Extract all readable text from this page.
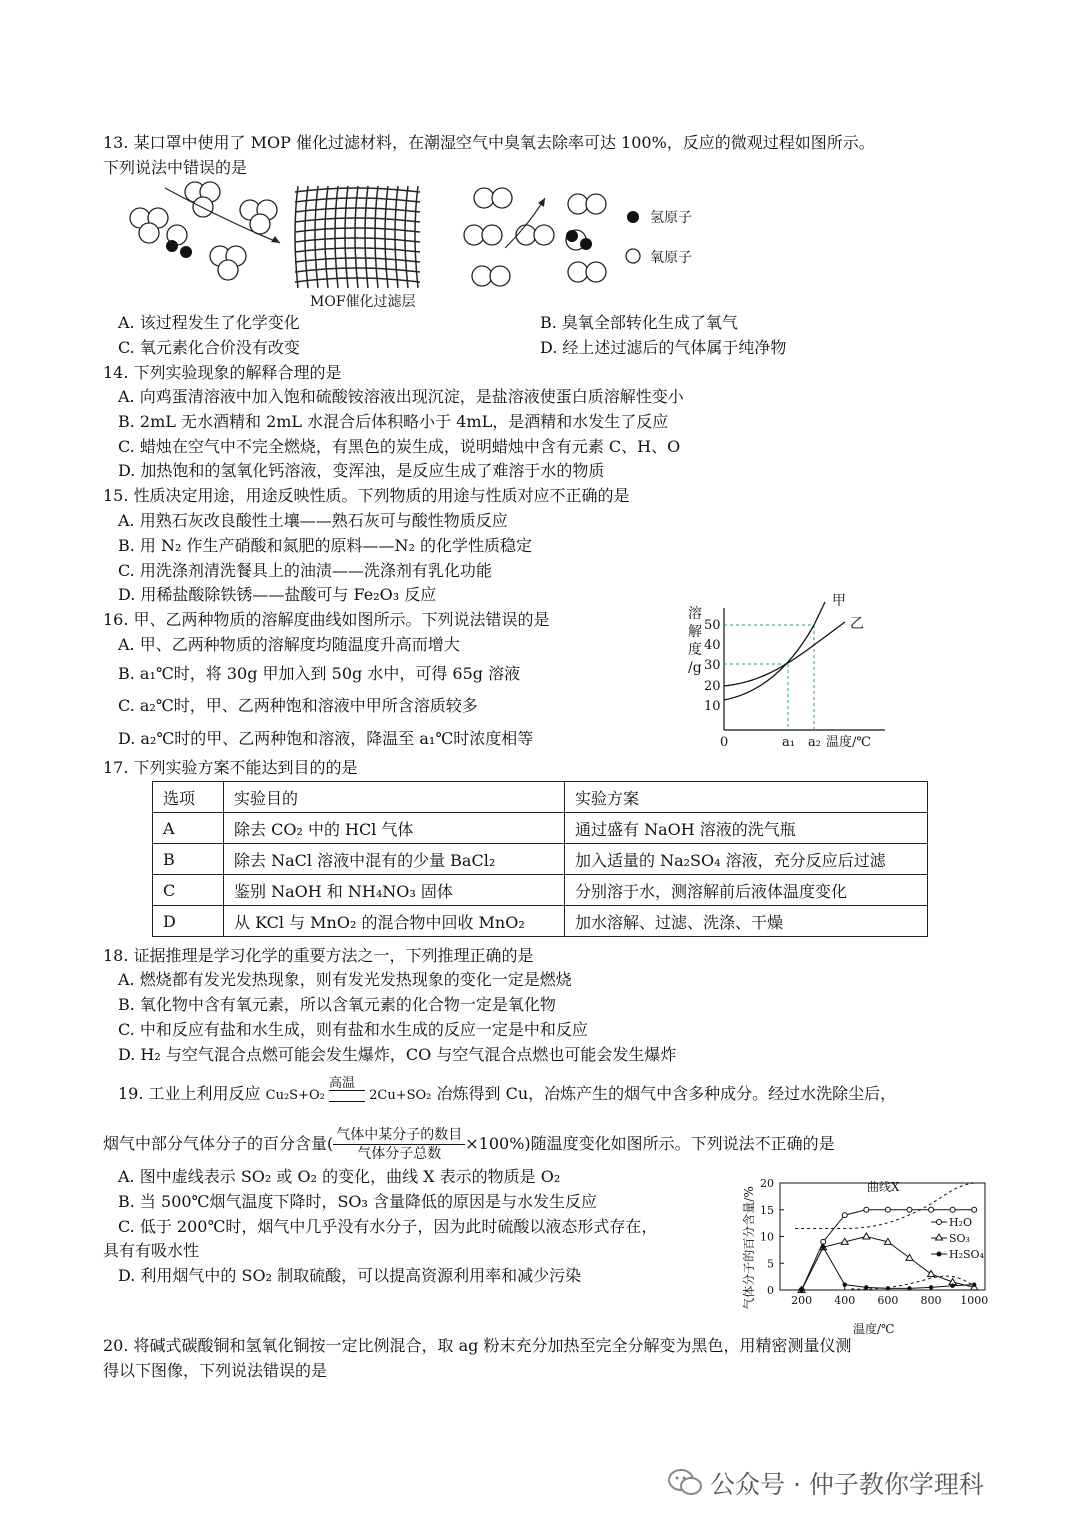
13. 某口罩中使用了 MOP 催化过滤材料，在潮湿空气中臭氧去除率可达 100%，反应的微观过程如图所示。
下列说法中错误的是
氢原子
氧原子
MOF催化过滤层
A. 该过程发生了化学变化	B. 臭氧全部转化生成了氧气
C. 氧元素化合价没有改变	D. 经上述过滤后的气体属于纯净物
14. 下列实验现象的解释合理的是
A. 向鸡蛋清溶液中加入饱和硫酸铵溶液出现沉淀，是盐溶液使蛋白质溶解性变小
B. 2mL 无水酒精和 2mL 水混合后体积略小于 4mL，是酒精和水发生了反应
C. 蜡烛在空气中不完全燃烧，有黑色的炭生成，说明蜡烛中含有元素 C、H、O
D. 加热饱和的氢氧化钙溶液，变浑浊，是反应生成了难溶于水的物质
15. 性质决定用途，用途反映性质。下列物质的用途与性质对应不正确的是
A. 用熟石灰改良酸性土壤——熟石灰可与酸性物质反应
B. 用 N₂ 作生产硝酸和氮肥的原料——N₂ 的化学性质稳定
C. 用洗涤剂清洗餐具上的油渍——洗涤剂有乳化功能
D. 用稀盐酸除铁锈——盐酸可与 Fe₂O₃ 反应
16. 甲、乙两种物质的溶解度曲线如图所示。下列说法错误的是
A. 甲、乙两种物质的溶解度均随温度升高而增大
B. a₁℃时，将 30g 甲加入到 50g 水中，可得 65g 溶液
C. a₂℃时，甲、乙两种饱和溶液中甲所含溶质较多
D. a₂℃时的甲、乙两种饱和溶液，降温至 a₁℃时浓度相等
溶
解
度
/g
10
20
30
40
50
0	a₁ a₂ 温度/℃
甲
乙
17. 下列实验方案不能达到目的的是
选项	实验目的	实验方案
A	除去 CO₂ 中的 HCl 气体	通过盛有 NaOH 溶液的洗气瓶
B	除去 NaCl 溶液中混有的少量 BaCl₂	加入适量的 Na₂SO₄ 溶液，充分反应后过滤
C	鉴别 NaOH 和 NH₄NO₃ 固体	分别溶于水，测溶解前后液体温度变化
D	从 KCl 与 MnO₂ 的混合物中回收 MnO₂	加水溶解、过滤、洗涤、干燥
18. 证据推理是学习化学的重要方法之一，下列推理正确的是
A. 燃烧都有发光发热现象，则有发光发热现象的变化一定是燃烧
B. 氧化物中含有氧元素，所以含氧元素的化合物一定是氧化物
C. 中和反应有盐和水生成，则有盐和水生成的反应一定是中和反应
D. H₂ 与空气混合点燃可能会发生爆炸，CO 与空气混合点燃也可能会发生爆炸
19. 工业上利用反应 Cu₂S+O₂
高温
2Cu+SO₂ 冶炼得到 Cu，冶炼产生的烟气中含多种成分。经过水洗除尘后，
烟气中部分气体分子的百分含量( $\frac{\text{气体中某分子的数目}}{\text{气体分子总数}} \times 100\%$)随温度变化如图所示。下列说法不正确的是
A. 图中虚线表示 SO₂ 或 O₂ 的变化，曲线 X 表示的物质是 O₂
B. 当 500℃烟气温度下降时，SO₃ 含量降低的原因是与水发生反应
C. 低于 200℃时，烟气中几乎没有水分子，因为此时硫酸以液态形式存在，
具有有吸水性
D. 利用烟气中的 SO₂ 制取硫酸，可以提高资源利用率和减少污染	气体分子的百分含量/%
温度/℃
曲线X
0
5
10
15
20
200 400 600 800 1000
H₂O
SO₃
H₂SO₄
20. 将碱式碳酸铜和氢氧化铜按一定比例混合，取 ag 粉末充分加热至完全分解变为黑色，用精密测量仪测
得以下图像，下列说法错误的是
公众号 · 仲子教你学理科
